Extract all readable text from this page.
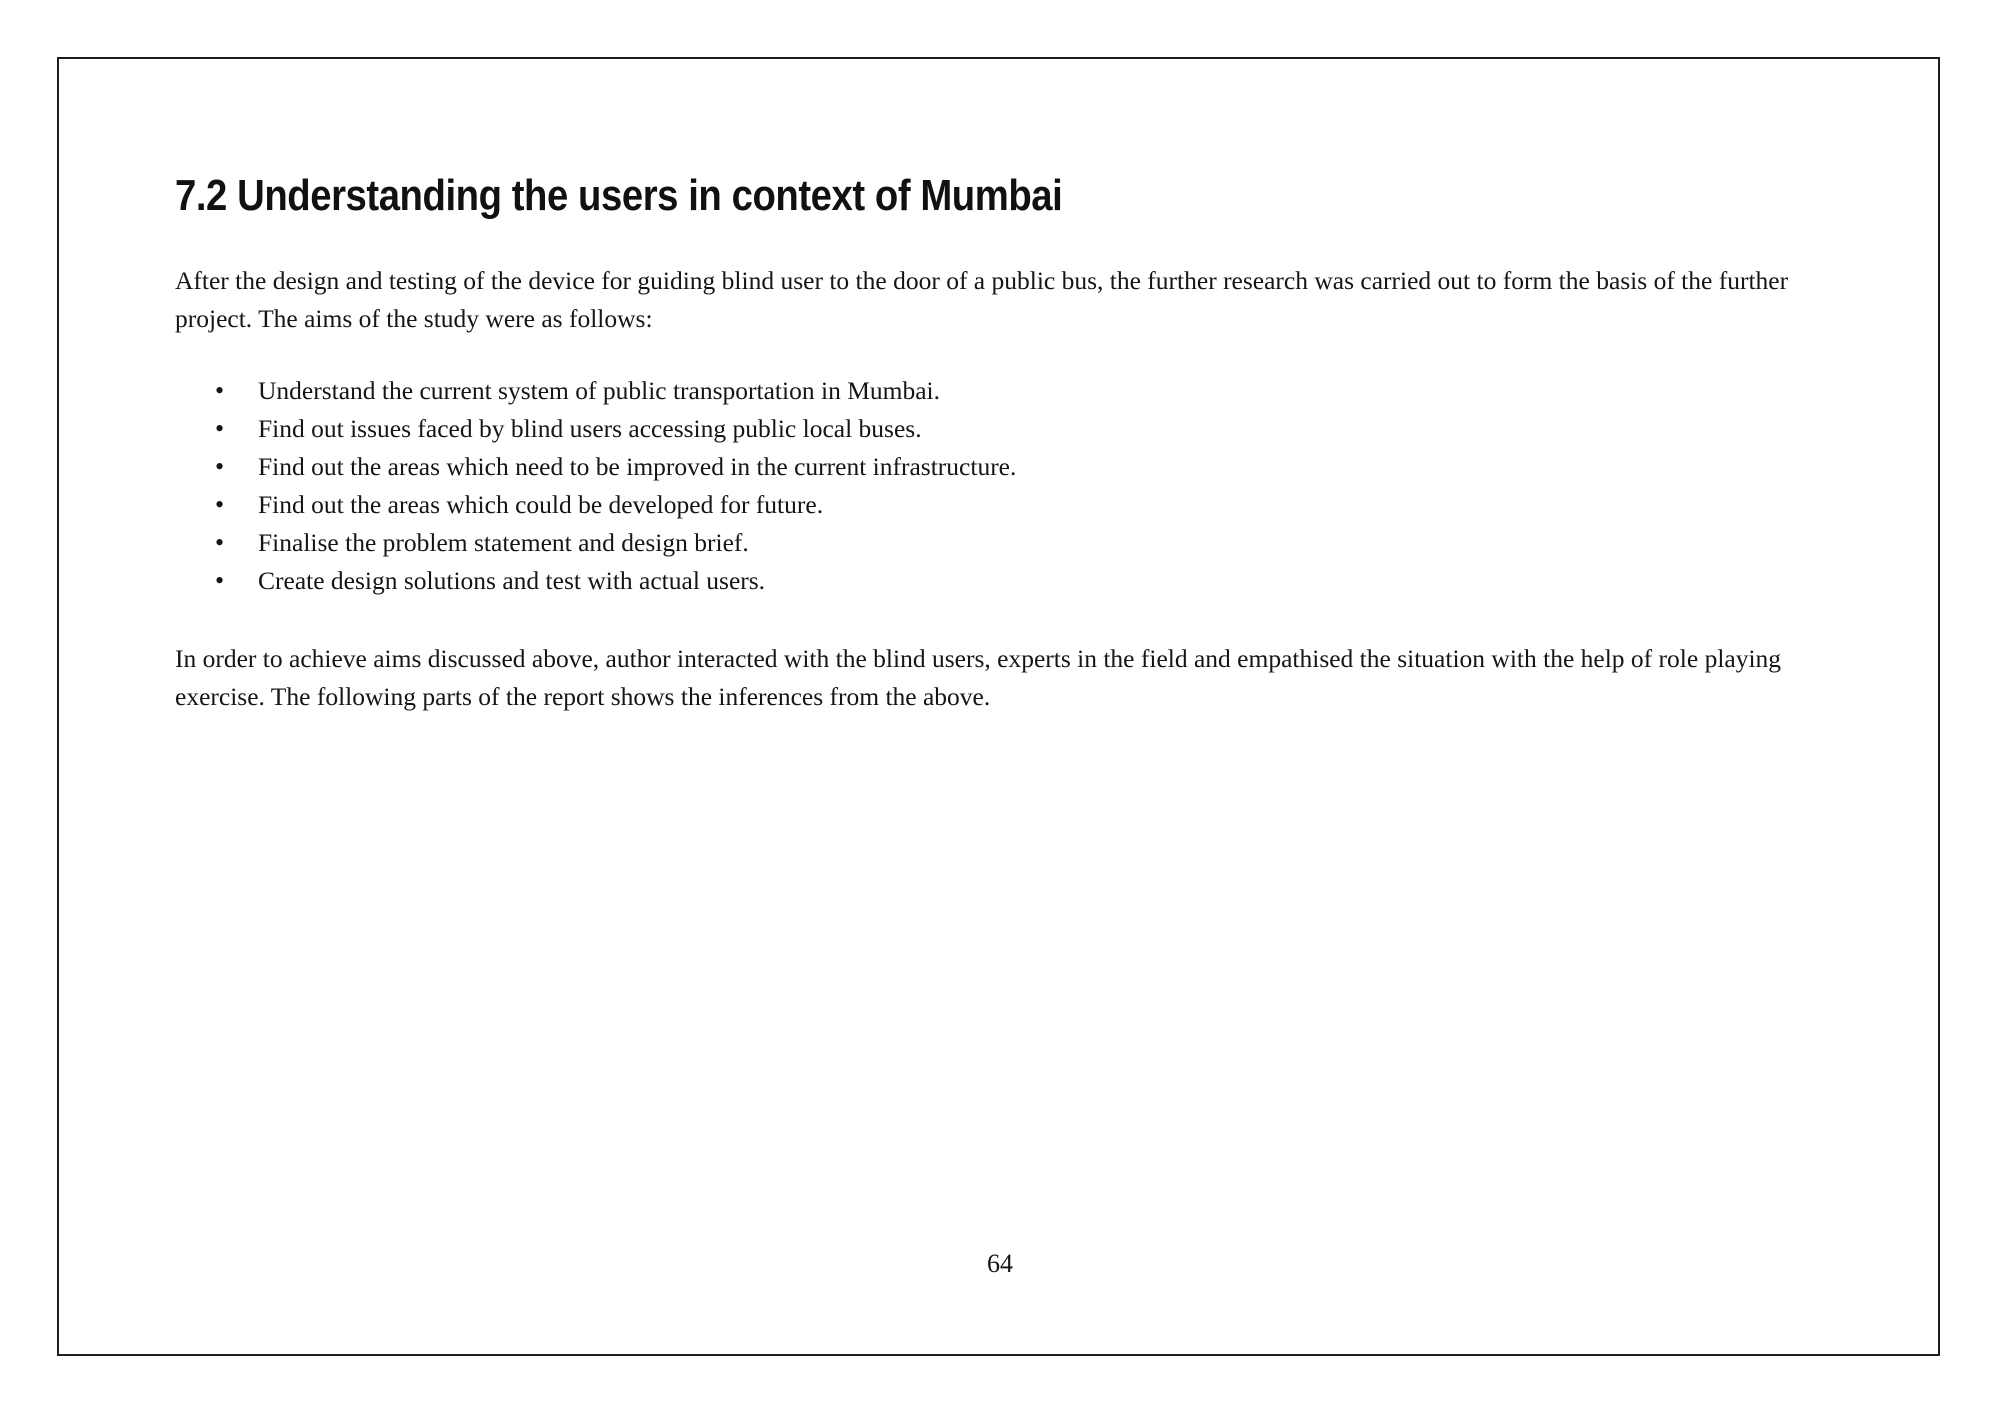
7.2 Understanding the users in context of Mumbai

After the design and testing of the device for guiding blind user to the door of a public bus, the further research was carried out to form the basis of the further project. The aims of the study were as follows:

• Understand the current system of public transportation in Mumbai.
• Find out issues faced by blind users accessing public local buses.
• Find out the areas which need to be improved in the current infrastructure.
• Find out the areas which could be developed for future.
• Finalise the problem statement and design brief.
• Create design solutions and test with actual users.

In order to achieve aims discussed above, author interacted with the blind users, experts in the field and empathised the situation with the help of role playing exercise. The following parts of the report shows the inferences from the above.

64
